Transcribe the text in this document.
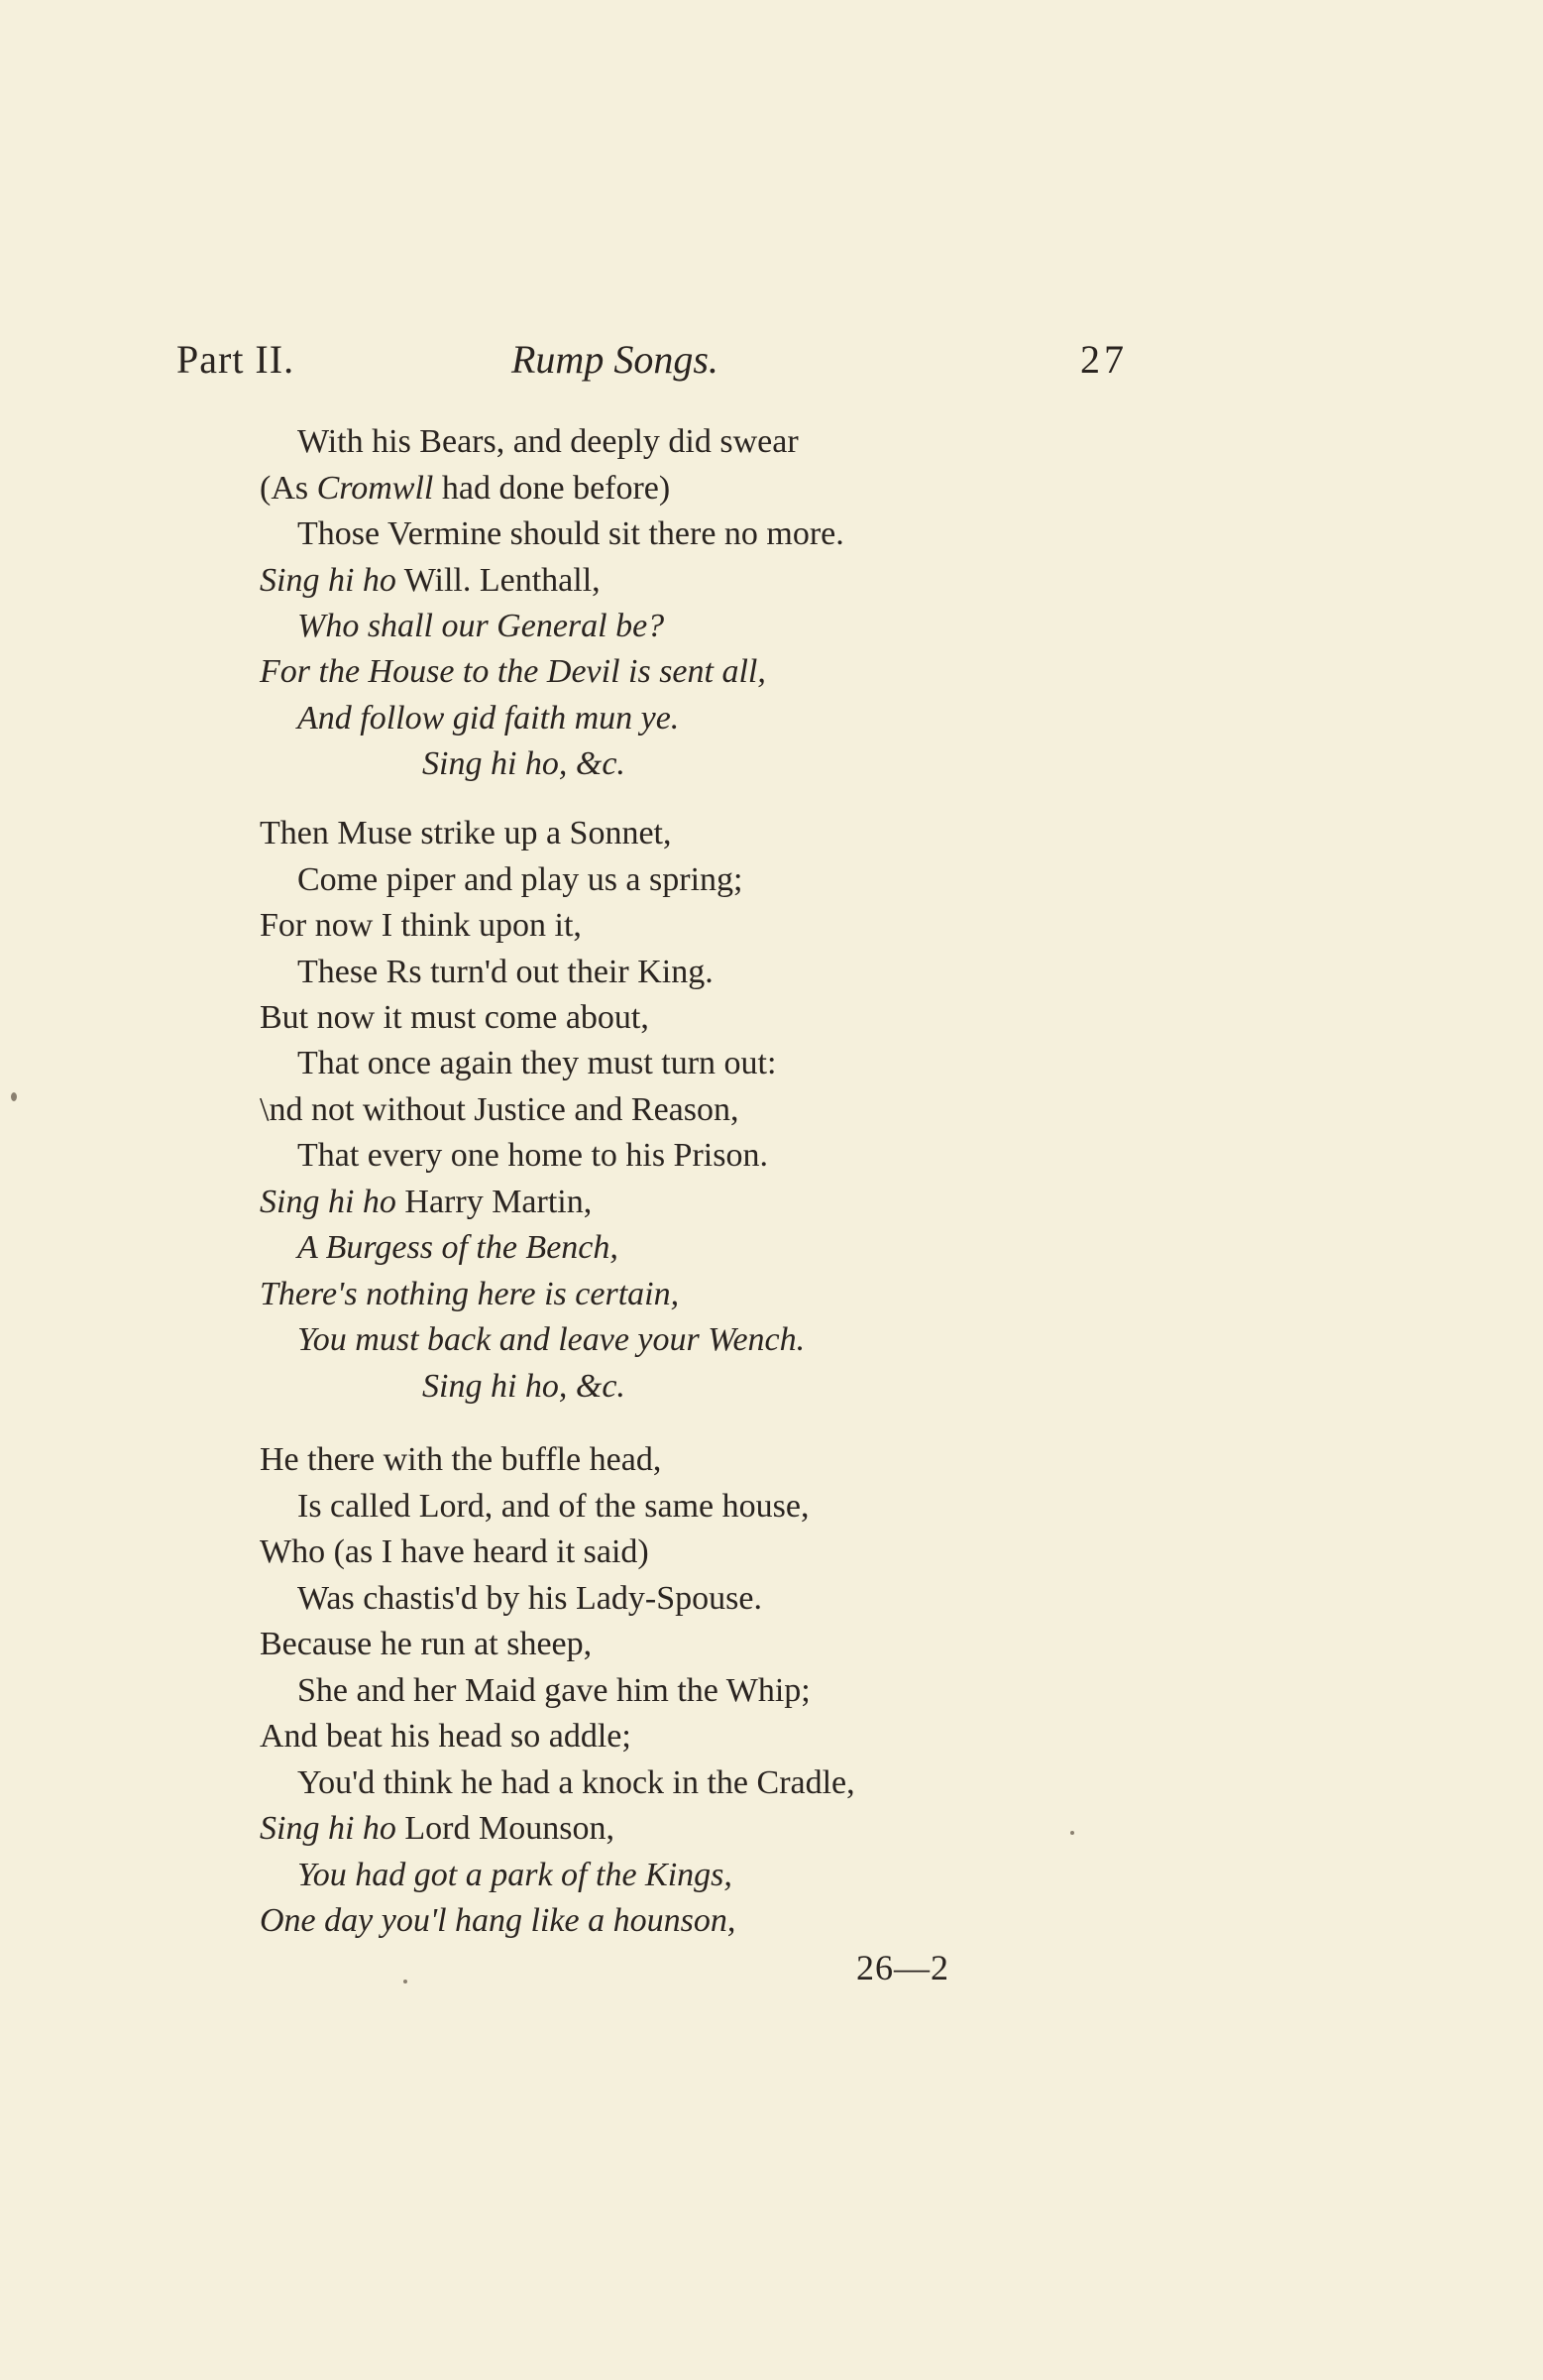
Part II.	Rump Songs.	27
With his Bears, and deeply did swear
(As Cromwll had done before)
Those Vermine should sit there no more.
Sing hi ho Will. Lenthall,
Who shall our General be?
For the House to the Devil is sent all,
And follow gid faith mun ye.
Sing hi ho, &c.
Then Muse strike up a Sonnet,
Come piper and play us a spring;
For now I think upon it,
These Rs turn'd out their King.
But now it must come about,
That once again they must turn out:
\nd not without Justice and Reason,
That every one home to his Prison.
Sing hi ho Harry Martin,
A Burgess of the Bench,
There's nothing here is certain,
You must back and leave your Wench.
Sing hi ho, &c.
He there with the buffle head,
Is called Lord, and of the same house,
Who (as I have heard it said)
Was chastis'd by his Lady-Spouse.
Because he run at sheep,
She and her Maid gave him the Whip;
And beat his head so addle;
You'd think he had a knock in the Cradle,
Sing hi ho Lord Mounson,
You had got a park of the Kings,
One day you'l hang like a hounson,
26—2
